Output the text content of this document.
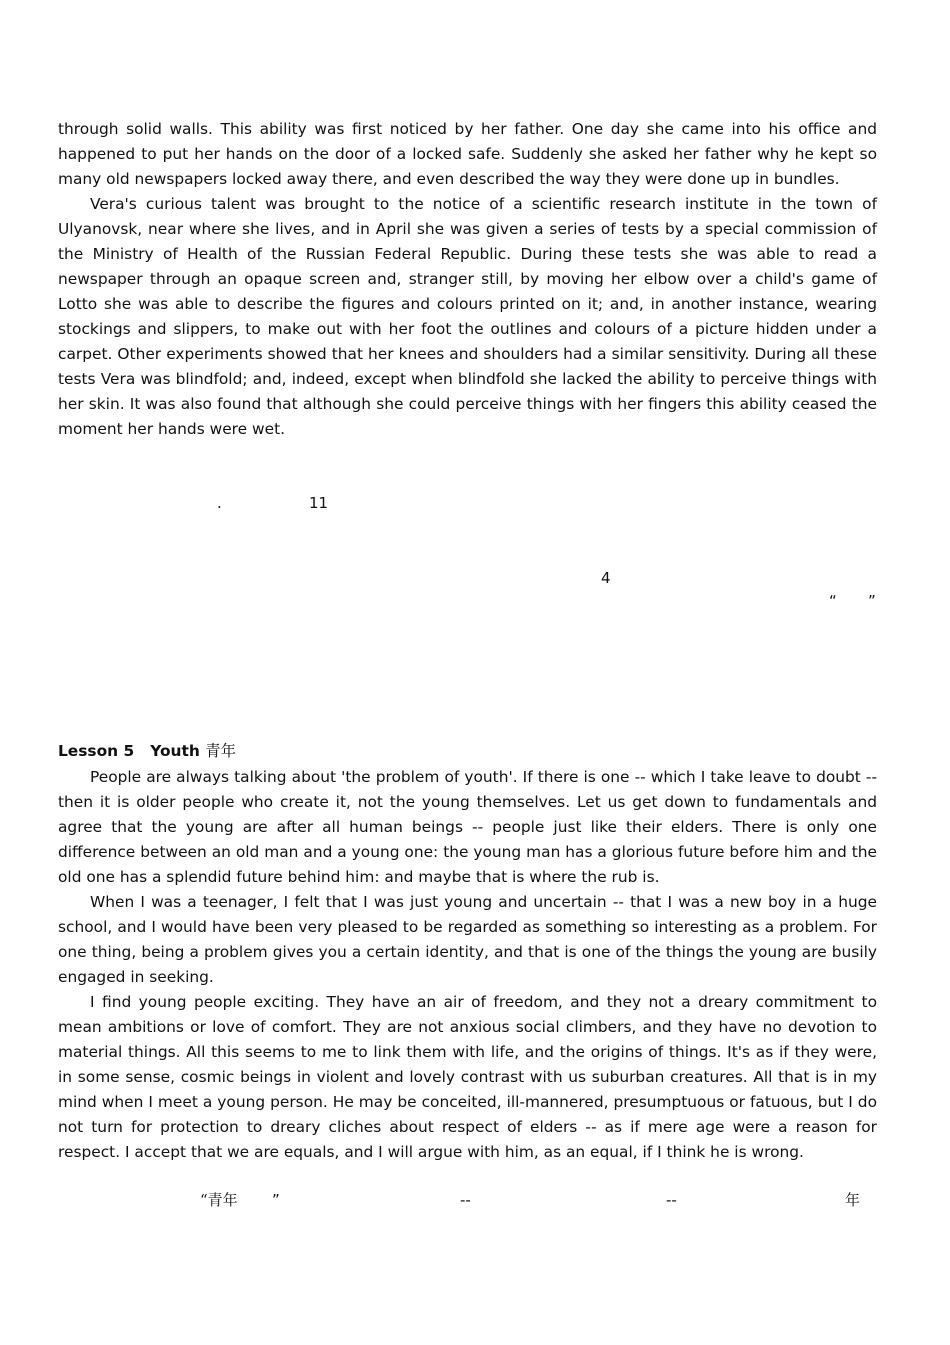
through solid walls. This ability was first noticed by her father. One day she came into his office and happened to put her hands on the door of a locked safe. Suddenly she asked her father why he kept so many old newspapers locked away there, and even described the way they were done up in bundles.

Vera's curious talent was brought to the notice of a scientific research institute in the town of Ulyanovsk, near where she lives, and in April she was given a series of tests by a special commission of the Ministry of Health of the Russian Federal Republic. During these tests she was able to read a newspaper through an opaque screen and, stranger still, by moving her elbow over a child's game of Lotto she was able to describe the figures and colours printed on it; and, in another instance, wearing stockings and slippers, to make out with her foot the outlines and colours of a picture hidden under a carpet. Other experiments showed that her knees and shoulders had a similar sensitivity. During all these tests Vera was blindfold; and, indeed, except when blindfold she lacked the ability to perceive things with her skin. It was also found that although she could perceive things with her fingers this ability ceased the moment her hands were wet.

.	11
4
“ ”
Lesson 5 Youth 青年

People are always talking about 'the problem of youth'. If there is one -- which I take leave to doubt -- then it is older people who create it, not the young themselves. Let us get down to fundamentals and agree that the young are after all human beings -- people just like their elders. There is only one difference between an old man and a young one: the young man has a glorious future before him and the old one has a splendid future behind him: and maybe that is where the rub is.

When I was a teenager, I felt that I was just young and uncertain -- that I was a new boy in a huge school, and I would have been very pleased to be regarded as something so interesting as a problem. For one thing, being a problem gives you a certain identity, and that is one of the things the young are busily engaged in seeking.

I find young people exciting. They have an air of freedom, and they not a dreary commitment to mean ambitions or love of comfort. They are not anxious social climbers, and they have no devotion to material things. All this seems to me to link them with life, and the origins of things. It's as if they were, in some sense, cosmic beings in violent and lovely contrast with us suburban creatures. All that is in my mind when I meet a young person. He may be conceited, ill-mannered, presumptuous or fatuous, but I do not turn for protection to dreary cliches about respect of elders -- as if mere age were a reason for respect. I accept that we are equals, and I will argue with him, as an equal, if I think he is wrong.

“青年 ”	--	--	年
